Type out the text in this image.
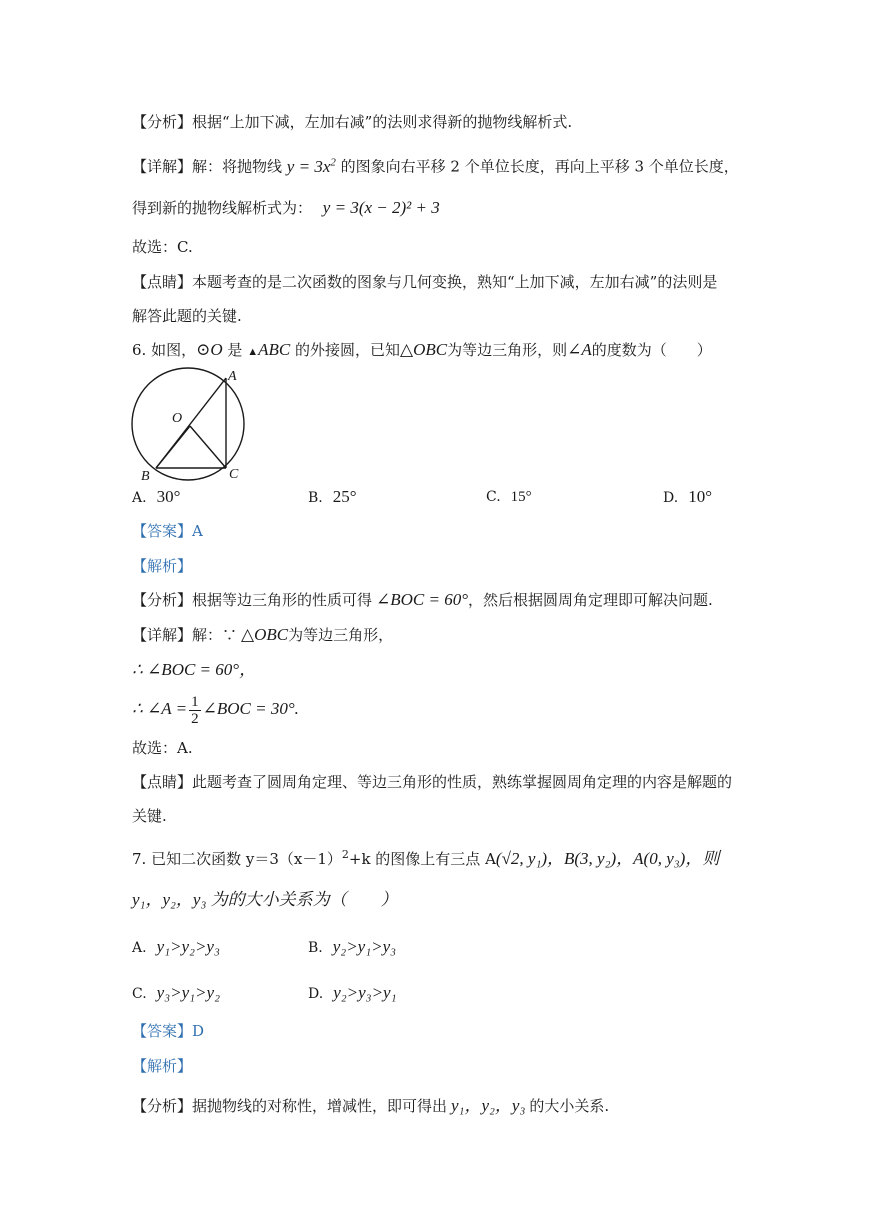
【分析】根据“上加下减，左加右减”的法则求得新的抛物线解析式.
【详解】解：将抛物线 $y = 3x^2$ 的图象向右平移 2 个单位长度，再向上平移 3 个单位长度，
得到新的抛物线解析式为： y = 3(x − 2)² + 3
故选：C.
【点睛】本题考查的是二次函数的图象与几何变换，熟知“上加下减，左加右减”的法则是
解答此题的关键.
6. 如图，⊙O 是 ▲ABC 的外接圆，已知△OBC为等边三角形，则∠A的度数为（　　）
A
O
B	C
A. 30°	B. 25°	C. 15°	D. 10°
【答案】A
【解析】
【分析】根据等边三角形的性质可得 ∠BOC = 60°，然后根据圆周角定理即可解决问题.
【详解】解：∵ △OBC为等边三角形，
∴ ∠BOC = 60°，
∴ ∠A = $\frac{1}{2}$ ∠BOC = 30°.
故选：A.
【点睛】此题考查了圆周角定理、等边三角形的性质，熟练掌握圆周角定理的内容是解题的
关键.
7. 已知二次函数 $y=3(x-1)^2+k$ 的图像上有三点 A(√2, y₁)，B(3, y₂)，A(0, y₃)，则
y₁，y₂，y₃ 为的大小关系为（　　）
A. y₁>y₂>y₃	B. y₂>y₁>y₃
C. y₃>y₁>y₂	D. y₂>y₃>y₁
【答案】D
【解析】
【分析】据抛物线的对称性，增减性，即可得出 y₁，y₂，y₃ 的大小关系.
